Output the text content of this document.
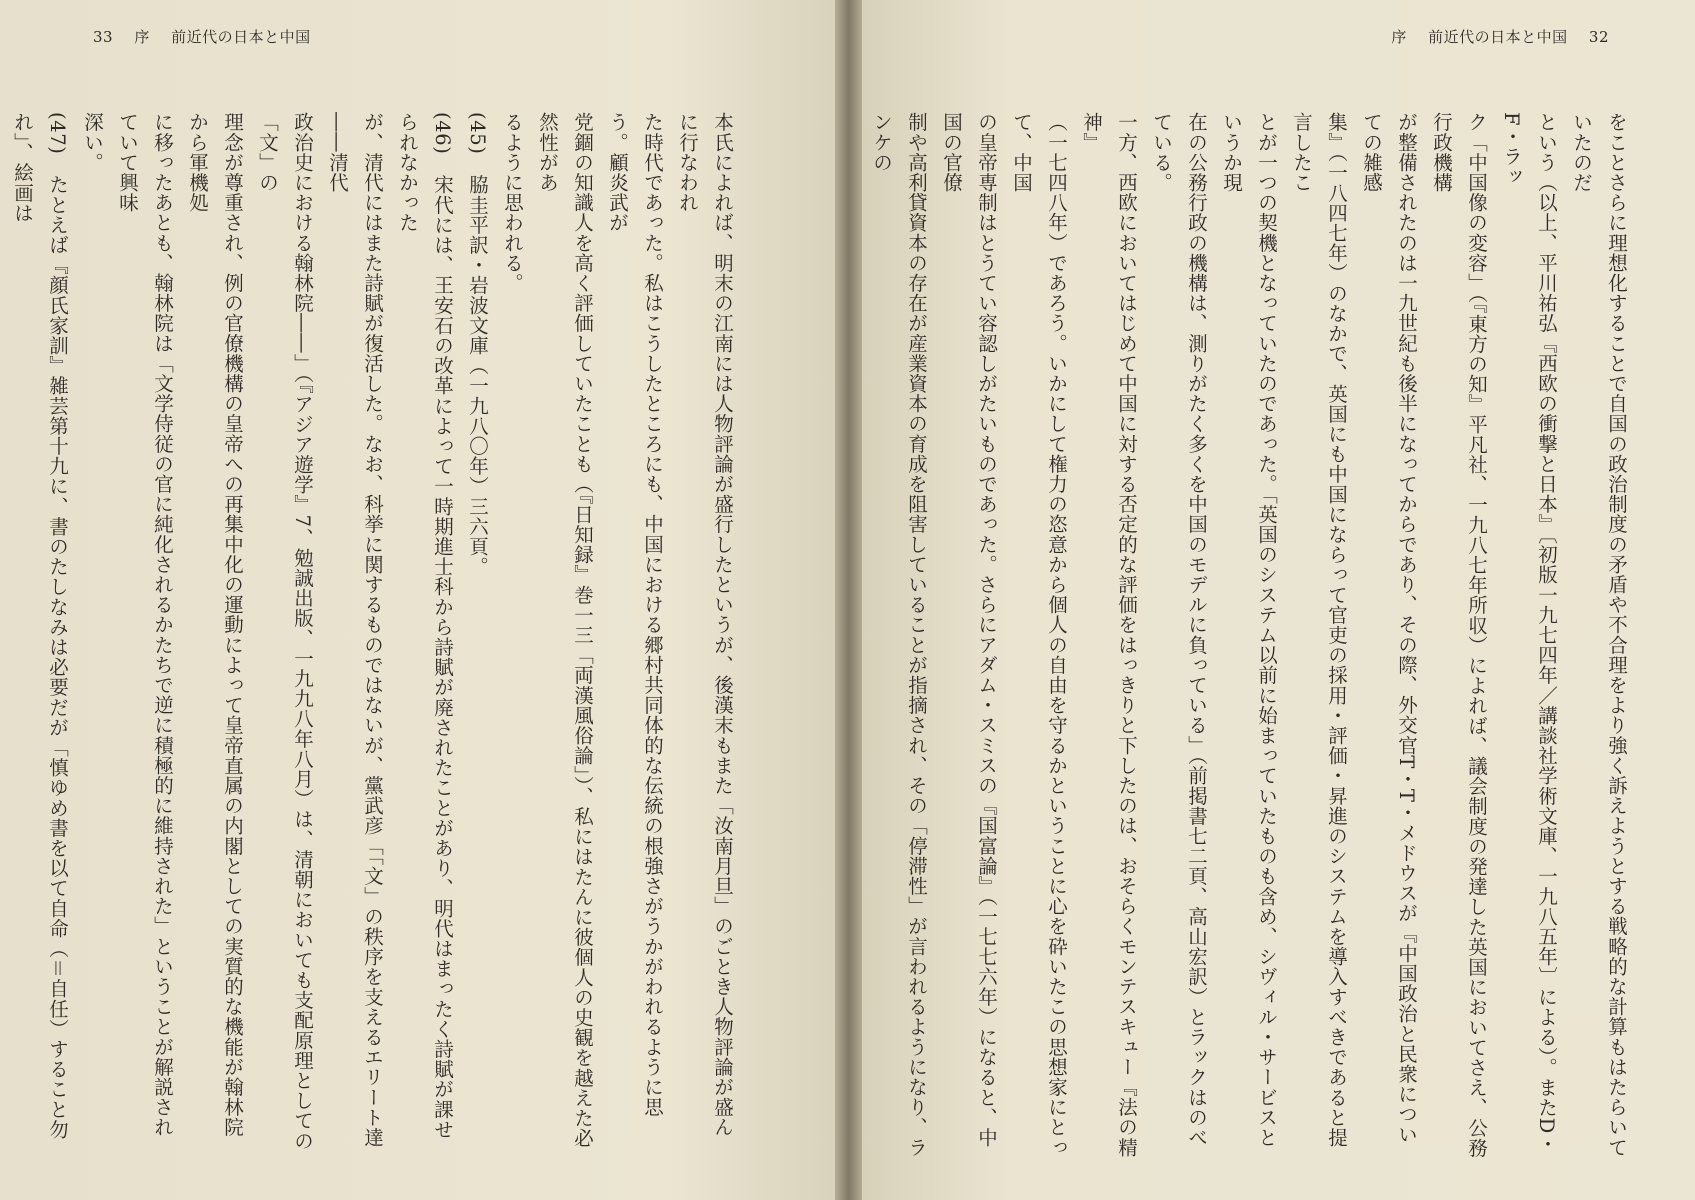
33 序 前近代の日本と中国

本氏によれば、明末の江南には人物評論が盛行したというが、後漢末もまた「汝南月旦」のごとき人物評論が盛んに行なわれ

た時代であった。私はこうしたところにも、中国における郷村共同体的な伝統の根強さがうかがわれるように思う。顧炎武が

党錮の知識人を高く評価していたことも（『日知録』巻一三「両漢風俗論」）、私にはたんに彼個人の史観を越えた必然性があ

るように思われる。

(45)　脇圭平訳・岩波文庫（一九八〇年）三六頁。

(46)　宋代には、王安石の改革によって一時期進士科から詩賦が廃されたことがあり、明代はまったく詩賦が課せられなかった

が、清代にはまた詩賦が復活した。なお、科挙に関するものではないが、黨武彦「「文」の秩序を支えるエリート達――清代

政治史における翰林院――」（『アジア遊学』7、勉誠出版、一九九八年八月）は、清朝においても支配原理としての「文」の

理念が尊重され、例の官僚機構の皇帝への再集中化の運動によって皇帝直属の内閣としての実質的な機能が翰林院から軍機処

に移ったあとも、翰林院は「文学侍従の官に純化されるかたちで逆に積極的に維持された」ということが解説されていて興味

深い。

(47)　たとえば『顔氏家訓』雑芸第十九に、書のたしなみは必要だが「慎ゆめ書を以て自命（＝自任）すること勿れ」、絵画は

序 前近代の日本と中国 32

をことさらに理想化することで自国の政治制度の矛盾や不合理をより強く訴えようとする戦略的な計算もはたらいていたのだ

という（以上、平川祐弘『西欧の衝撃と日本』〔初版一九七四年／講談社学術文庫、一九八五年〕による）。またD・F・ラッ

ク「中国像の変容」（『東方の知』平凡社、一九八七年所収）によれば、議会制度の発達した英国においてさえ、公務行政機構

が整備されたのは一九世紀も後半になってからであり、その際、外交官T・T・メドウスが『中国政治と民衆についての雑感

集』（一八四七年）のなかで、英国にも中国にならって官吏の採用・評価・昇進のシステムを導入すべきであると提言したこ

とが一つの契機となっていたのであった。「英国のシステム以前に始まっていたものも含め、シヴィル・サービスというか現

在の公務行政の機構は、測りがたく多くを中国のモデルに負っている」（前掲書七二頁、高山宏訳）とラックはのべている。

一方、西欧においてはじめて中国に対する否定的な評価をはっきりと下したのは、おそらくモンテスキュー『法の精神』

（一七四八年）であろう。いかにして権力の恣意から個人の自由を守るかということに心を砕いたこの思想家にとって、中国

の皇帝専制はとうてい容認しがたいものであった。さらにアダム・スミスの『国富論』（一七七六年）になると、中国の官僚

制や高利貸資本の存在が産業資本の育成を阻害していることが指摘され、その「停滞性」が言われるようになり、ランケの
